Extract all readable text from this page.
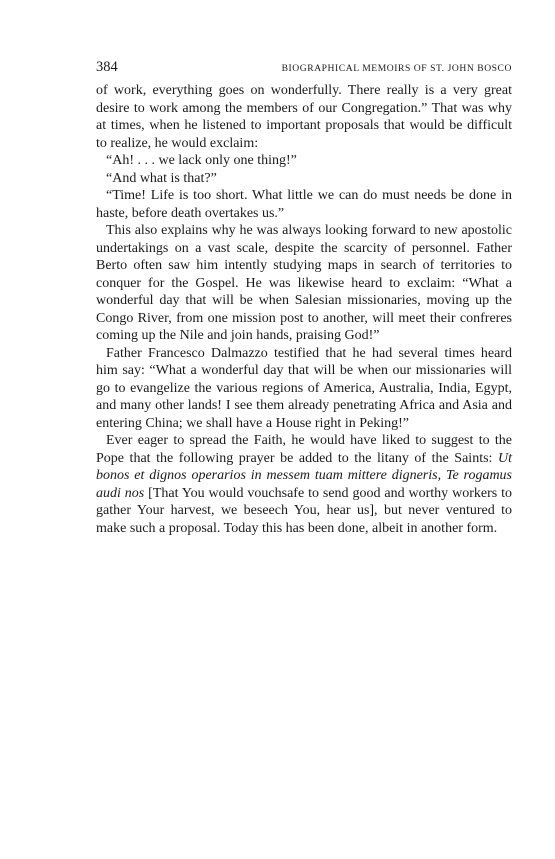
384	BIOGRAPHICAL MEMOIRS OF ST. JOHN BOSCO

of work, everything goes on wonderfully. There really is a very great desire to work among the members of our Congregation.” That was why at times, when he listened to important proposals that would be difficult to realize, he would exclaim:

“Ah! . . . we lack only one thing!”

“And what is that?”

“Time! Life is too short. What little we can do must needs be done in haste, before death overtakes us.”

This also explains why he was always looking forward to new apostolic undertakings on a vast scale, despite the scarcity of personnel. Father Berto often saw him intently studying maps in search of territories to conquer for the Gospel. He was likewise heard to exclaim: “What a wonderful day that will be when Salesian missionaries, moving up the Congo River, from one mission post to another, will meet their confreres coming up the Nile and join hands, praising God!”

Father Francesco Dalmazzo testified that he had several times heard him say: “What a wonderful day that will be when our missionaries will go to evangelize the various regions of America, Australia, India, Egypt, and many other lands! I see them already penetrating Africa and Asia and entering China; we shall have a House right in Peking!”

Ever eager to spread the Faith, he would have liked to suggest to the Pope that the following prayer be added to the litany of the Saints: Ut bonos et dignos operarios in messem tuam mittere digneris, Te rogamus audi nos [That You would vouchsafe to send good and worthy workers to gather Your harvest, we beseech You, hear us], but never ventured to make such a proposal. Today this has been done, albeit in another form.
